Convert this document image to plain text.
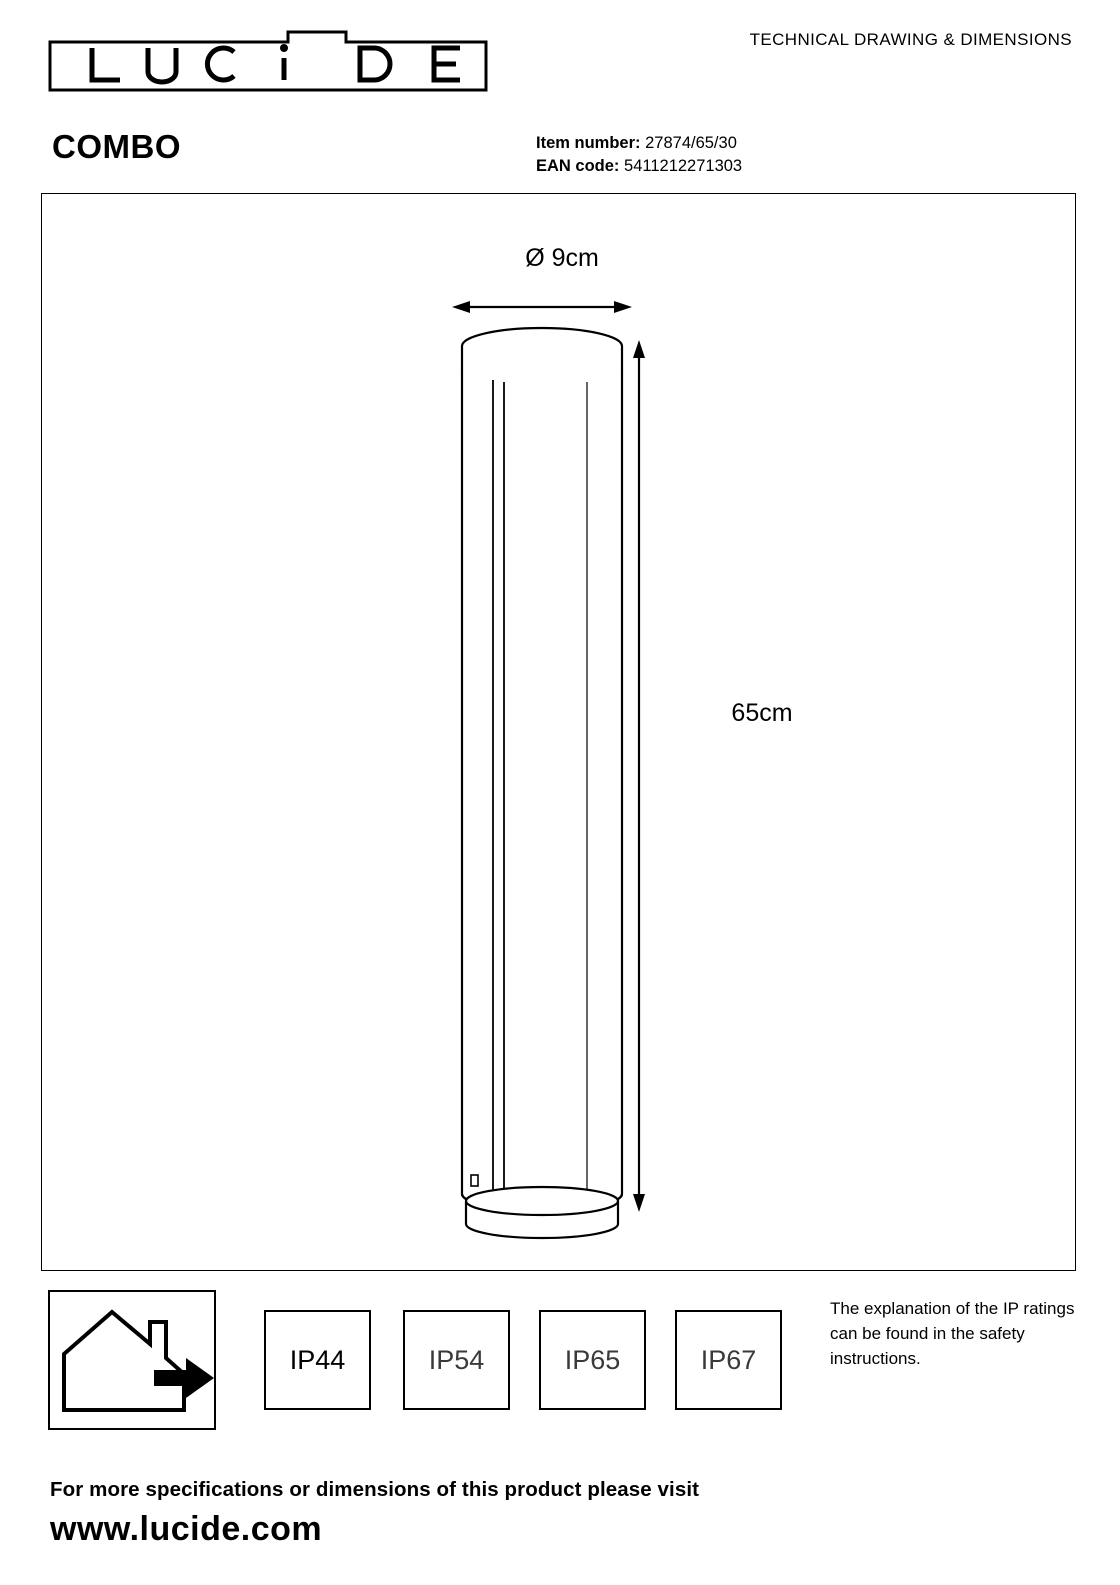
TECHNICAL DRAWING & DIMENSIONS
COMBO	Item number: 27874/65/30
EAN code: 5411212271303
Ø 9cm
65cm
IP44	IP54	IP65	IP67
The explanation of the IP ratings can be found in the safety instructions.
For more specifications or dimensions of this product please visit
www.lucide.com
